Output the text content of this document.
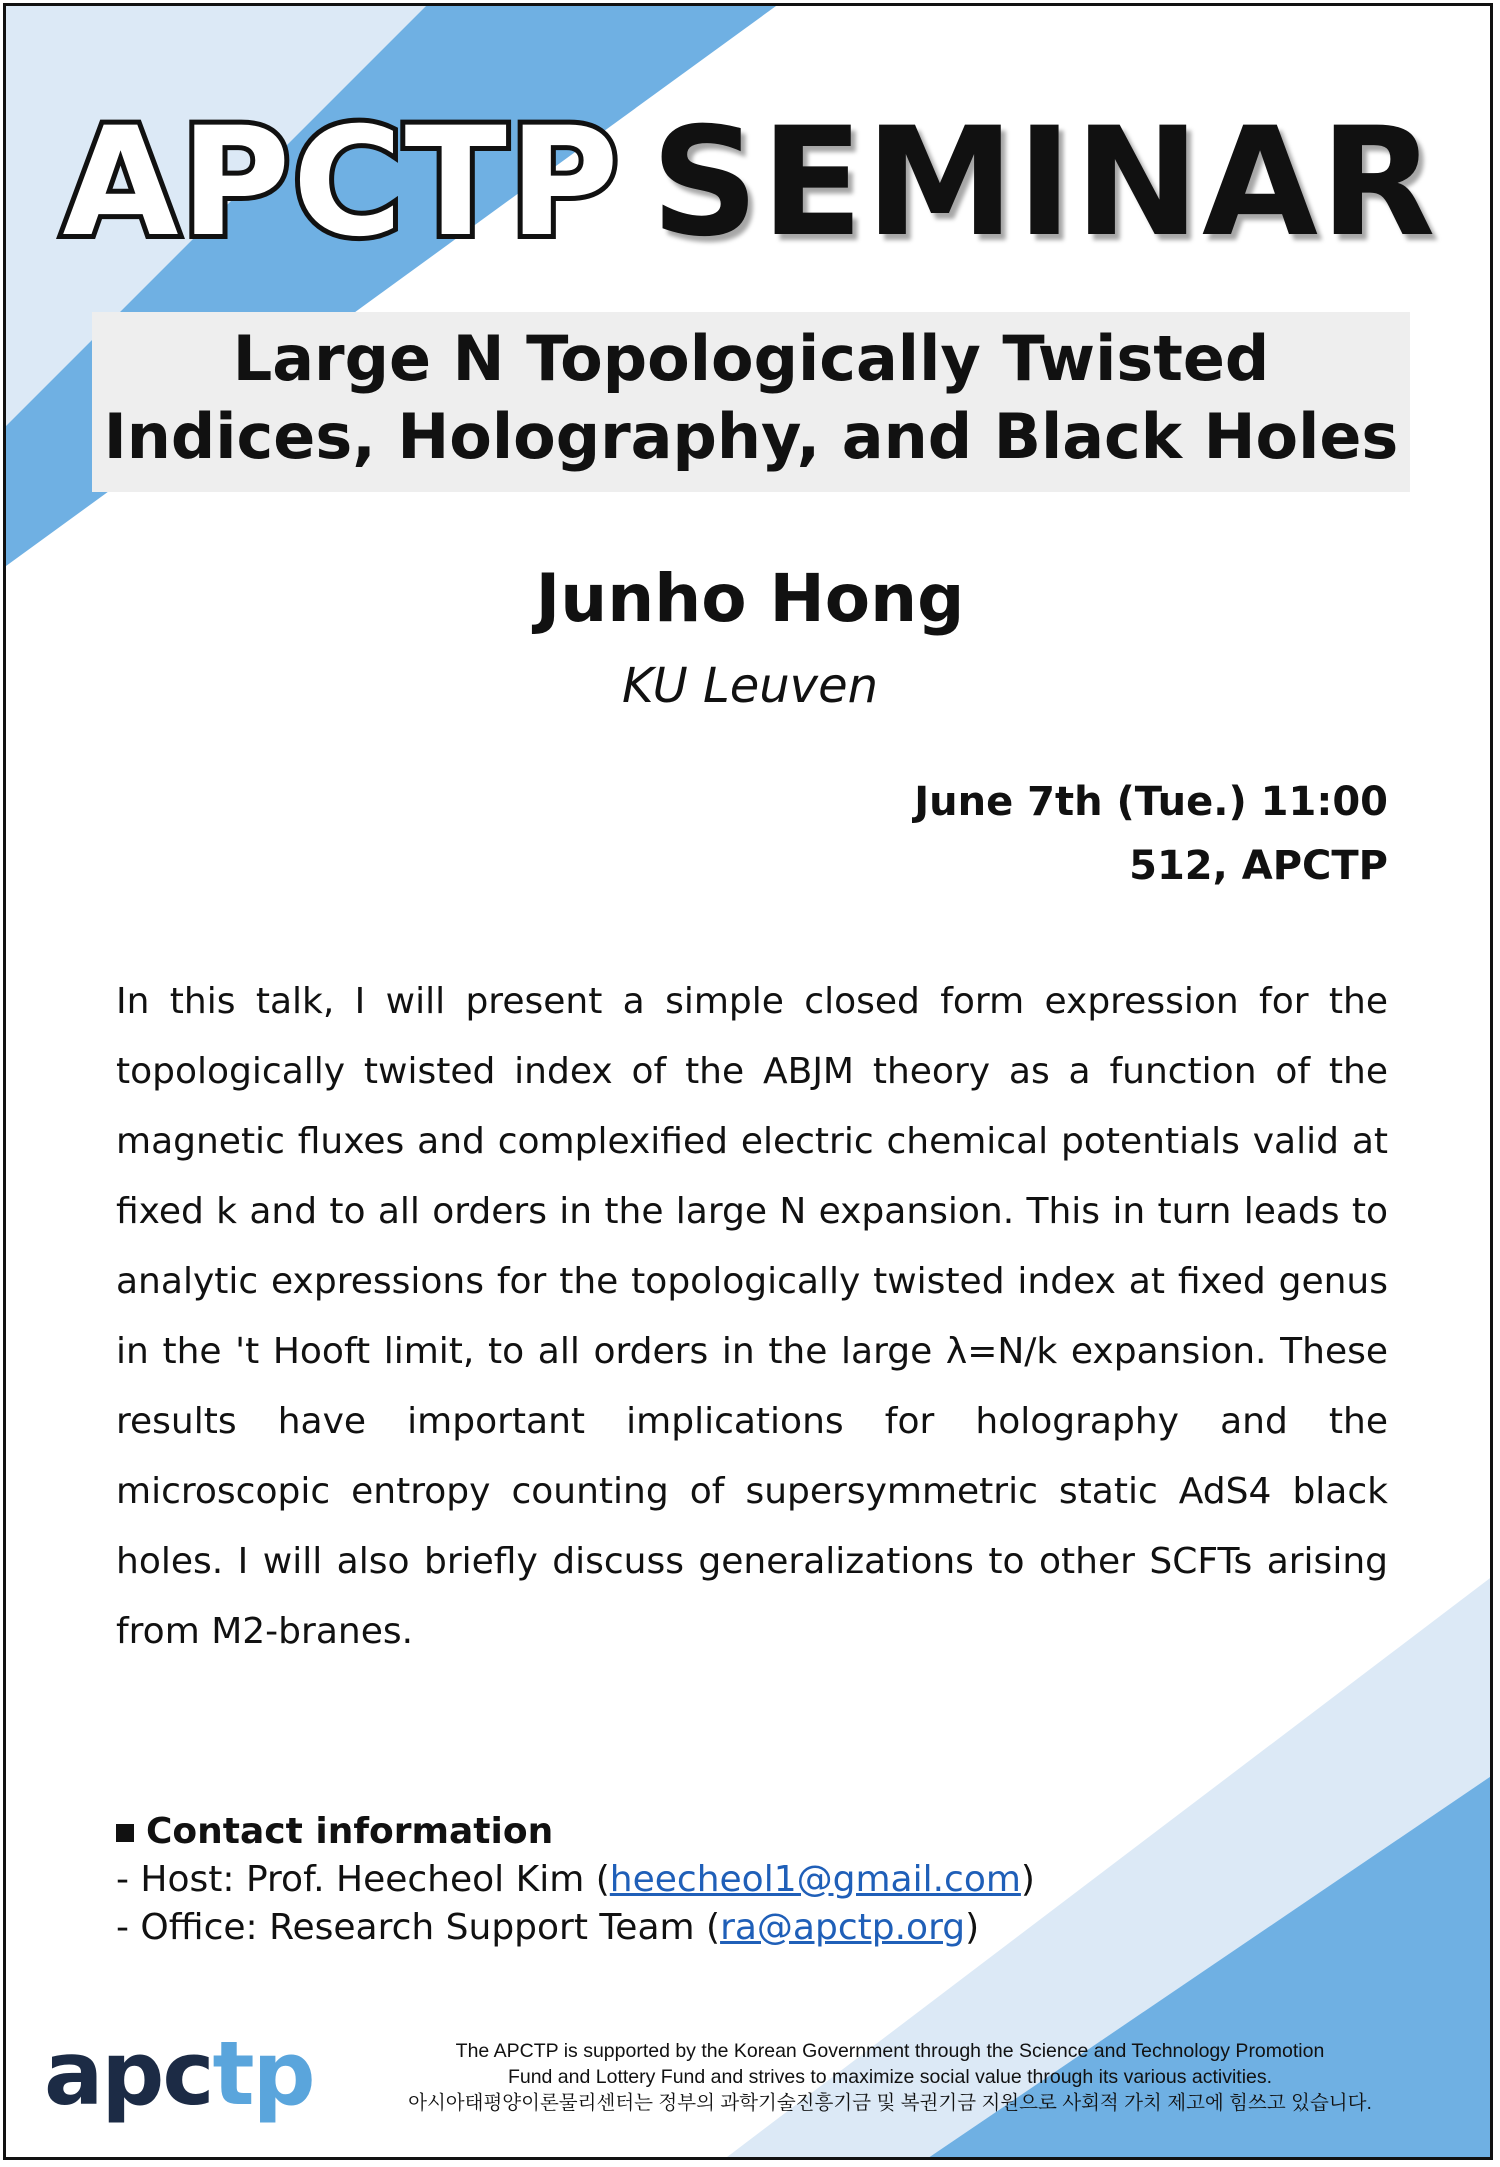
APCTP SEMINAR
Large N Topologically Twisted
Indices, Holography, and Black Holes
Junho Hong
KU Leuven
June 7th (Tue.) 11:00
512, APCTP
In this talk, I will present a simple closed form expression for the topologically twisted index of the ABJM theory as a function of the magnetic fluxes and complexified electric chemical potentials valid at fixed k and to all orders in the large N expansion. This in turn leads to analytic expressions for the topologically twisted index at fixed genus in the 't Hooft limit, to all orders in the large λ=N/k expansion. These results have important implications for holography and the microscopic entropy counting of supersymmetric static AdS4 black holes. I will also briefly discuss generalizations to other SCFTs arising from M2-branes.
Contact information
- Host: Prof. Heecheol Kim (heecheol1@gmail.com)
- Office: Research Support Team (ra@apctp.org)
apctp	The APCTP is supported by the Korean Government through the Science and Technology Promotion
Fund and Lottery Fund and strives to maximize social value through its various activities.
아시아태평양이론물리센터는 정부의 과학기술진흥기금 및 복권기금 지원으로 사회적 가치 제고에 힘쓰고 있습니다.
